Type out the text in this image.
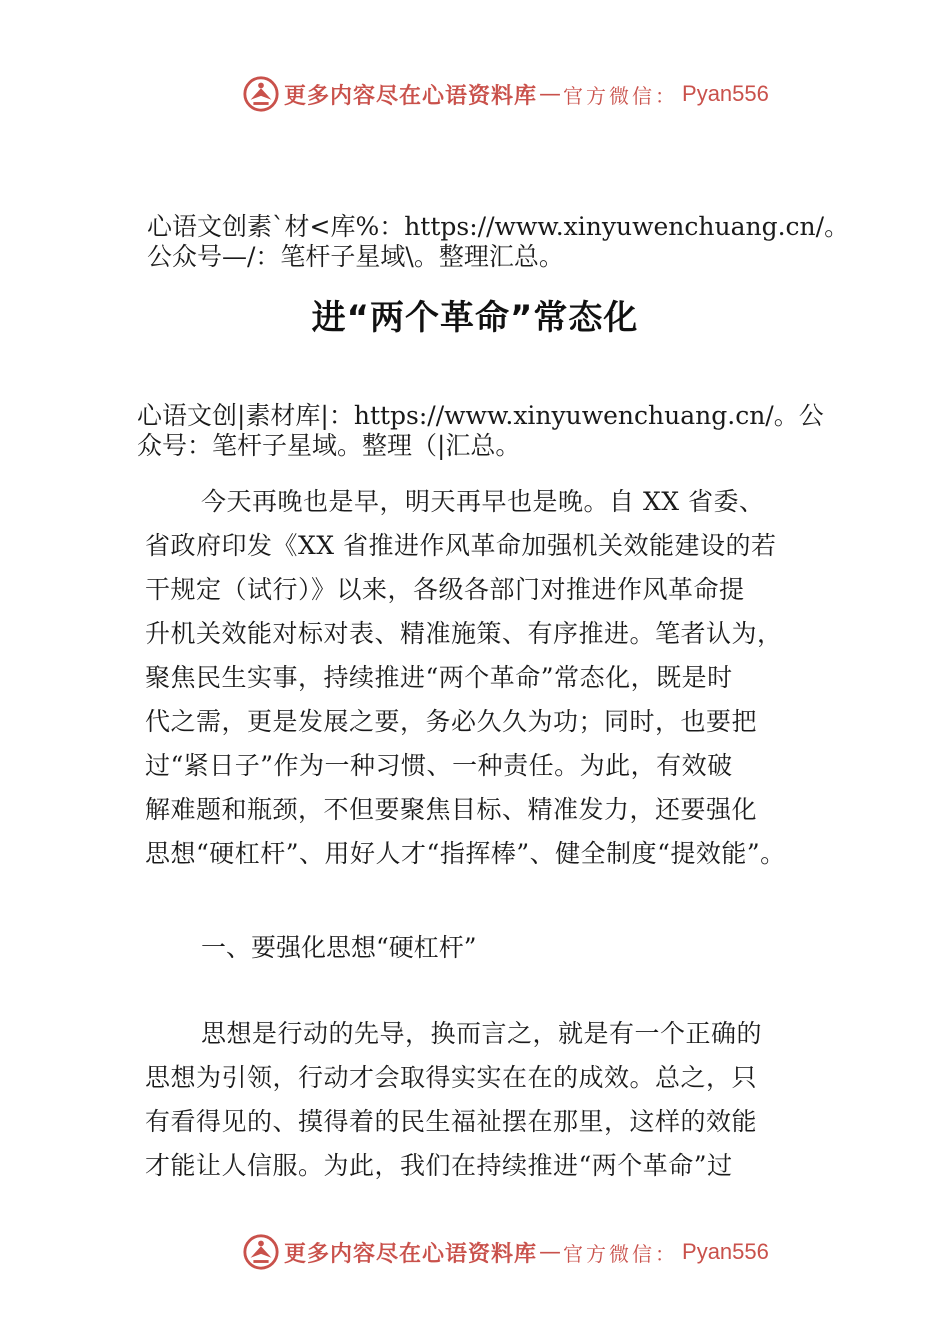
更多内容尽在心语资料库 — 官方微信： Pyan556
心语文创素`材<库%：https://www.xinyuwenchuang.cn/。
公众号—/：笔杆子星域\。整理汇总。
进“两个革命”常态化
心语文创|素材库|：https://www.xinyuwenchuang.cn/。公
众号：笔杆子星域。整理（|汇总。
今天再晚也是早，明天再早也是晚。自 XX 省委、
省政府印发《XX 省推进作风革命加强机关效能建设的若
干规定（试行）》以来，各级各部门对推进作风革命提
升机关效能对标对表、精准施策、有序推进。笔者认为，
聚焦民生实事，持续推进“两个革命”常态化，既是时
代之需，更是发展之要，务必久久为功；同时，也要把
过“紧日子”作为一种习惯、一种责任。为此，有效破
解难题和瓶颈，不但要聚焦目标、精准发力，还要强化
思想“硬杠杆”、用好人才“指挥棒”、健全制度“提效能”。
一、要强化思想“硬杠杆”
思想是行动的先导，换而言之，就是有一个正确的
思想为引领，行动才会取得实实在在的成效。总之，只
有看得见的、摸得着的民生福祉摆在那里，这样的效能
才能让人信服。为此，我们在持续推进“两个革命”过
更多内容尽在心语资料库 — 官方微信： Pyan556
